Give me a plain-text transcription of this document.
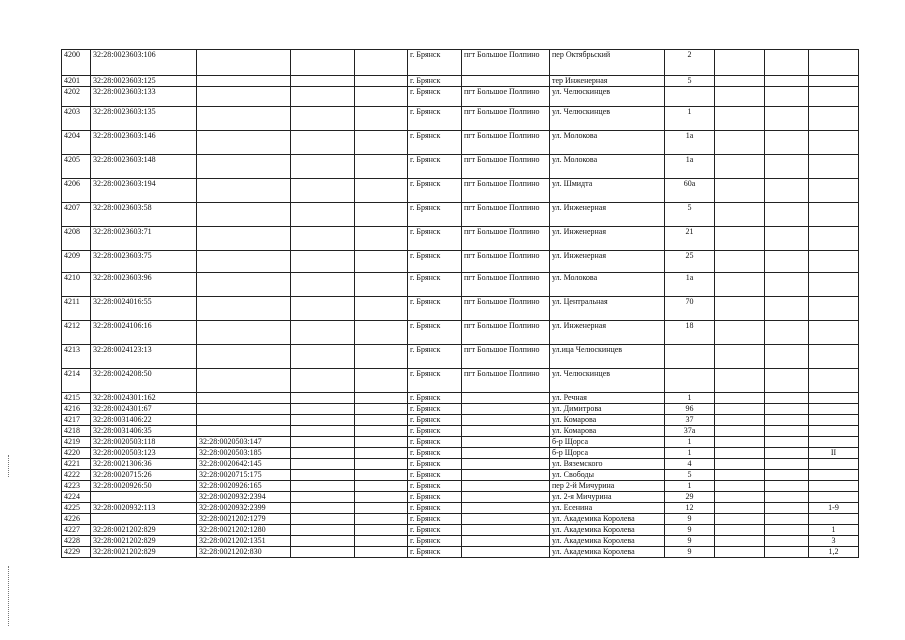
4200	32:28:0023603:106				г. Брянск	пгт Большое Полпино	пер Октябрьский	2			
4201	32:28:0023603:125				г. Брянск		тер Инженерная	5			
4202	32:28:0023603:133				г. Брянск	пгт Большое Полпино	ул. Челюскинцев				
4203	32:28:0023603:135				г. Брянск	пгт Большое Полпино	ул. Челюскинцев	1			
4204	32:28:0023603:146				г. Брянск	пгт Большое Полпино	ул. Молокова	1а			
4205	32:28:0023603:148				г. Брянск	пгт Большое Полпино	ул. Молокова	1а			
4206	32:28:0023603:194				г. Брянск	пгт Большое Полпино	ул. Шмидта	60а			
4207	32:28:0023603:58				г. Брянск	пгт Большое Полпино	ул. Инженерная	5			
4208	32:28:0023603:71				г. Брянск	пгт Большое Полпино	ул. Инженерная	21			
4209	32:28:0023603:75				г. Брянск	пгт Большое Полпино	ул. Инженерная	25			
4210	32:28:0023603:96				г. Брянск	пгт Большое Полпино	ул. Молокова	1а			
4211	32:28:0024016:55				г. Брянск	пгт Большое Полпино	ул. Центральная	70			
4212	32:28:0024106:16				г. Брянск	пгт Большое Полпино	ул. Инженерная	18			
4213	32:28:0024123:13				г. Брянск	пгт Большое Полпино	ул.ица Челюскинцев				
4214	32:28:0024208:50				г. Брянск	пгт Большое Полпино	ул. Челюскинцев				
4215	32:28:0024301:162				г. Брянск		ул. Речная	1			
4216	32:28:0024301:67				г. Брянск		ул. Димитрова	96			
4217	32:28:0031406:22				г. Брянск		ул. Комарова	37			
4218	32:28:0031406:35				г. Брянск		ул. Комарова	37а			
4219	32:28:0020503:118	32:28:0020503:147			г. Брянск		б-р Щорса	1			
4220	32:28:0020503:123	32:28:0020503:185			г. Брянск		б-р Щорса	1			II
4221	32:28:0021306:36	32:28:0020642:145			г. Брянск		ул. Вяземского	4			
4222	32:28:0020715:26	32:28:0020715:175			г. Брянск		ул. Свободы	5			
4223	32:28:0020926:50	32:28:0020926:165			г. Брянск		пер 2-й Мичурина	1			
4224		32:28:0020932:2394			г. Брянск		ул. 2-я Мичурина	29			
4225	32:28:0020932:113	32:28:0020932:2399			г. Брянск		ул. Есенина	12			1-9
4226		32:28:0021202:1279			г. Брянск		ул. Академика Королева	9			
4227	32:28:0021202:829	32:28:0021202:1280			г. Брянск		ул. Академика Королева	9			1
4228	32:28:0021202:829	32:28:0021202:1351			г. Брянск		ул. Академика Королева	9			3
4229	32:28:0021202:829	32:28:0021202:830			г. Брянск		ул. Академика Королева	9			1,2
